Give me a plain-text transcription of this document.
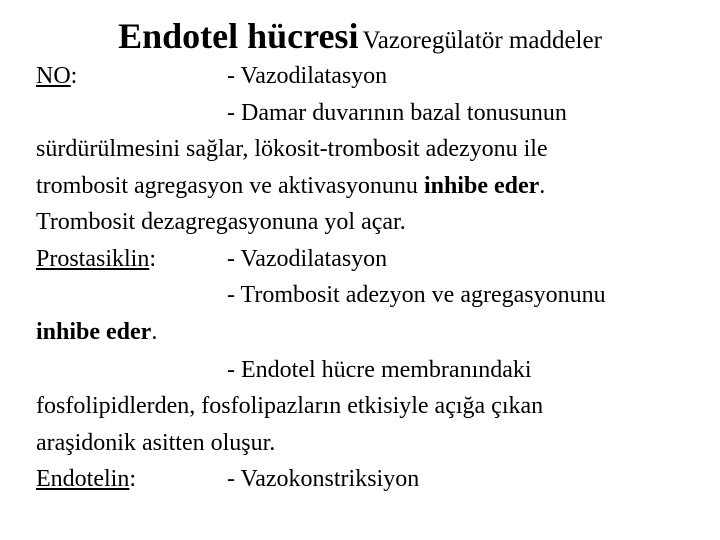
Endotel hücresi Vazoregülatör maddeler
NO:	- Vazodilatasyon
- Damar duvarının bazal tonusunun
sürdürülmesini sağlar, lökosit-trombosit adezyonu ile
trombosit agregasyon ve aktivasyonunu inhibe eder.
Trombosit dezagregasyonuna yol açar.
Prostasiklin:	- Vazodilatasyon
- Trombosit adezyon ve agregasyonunu
inhibe eder.
- Endotel hücre membranındaki
fosfolipidlerden, fosfolipazların etkisiyle açığa çıkan
araşidonik asitten oluşur.
Endotelin:	- Vazokonstriksiyon
